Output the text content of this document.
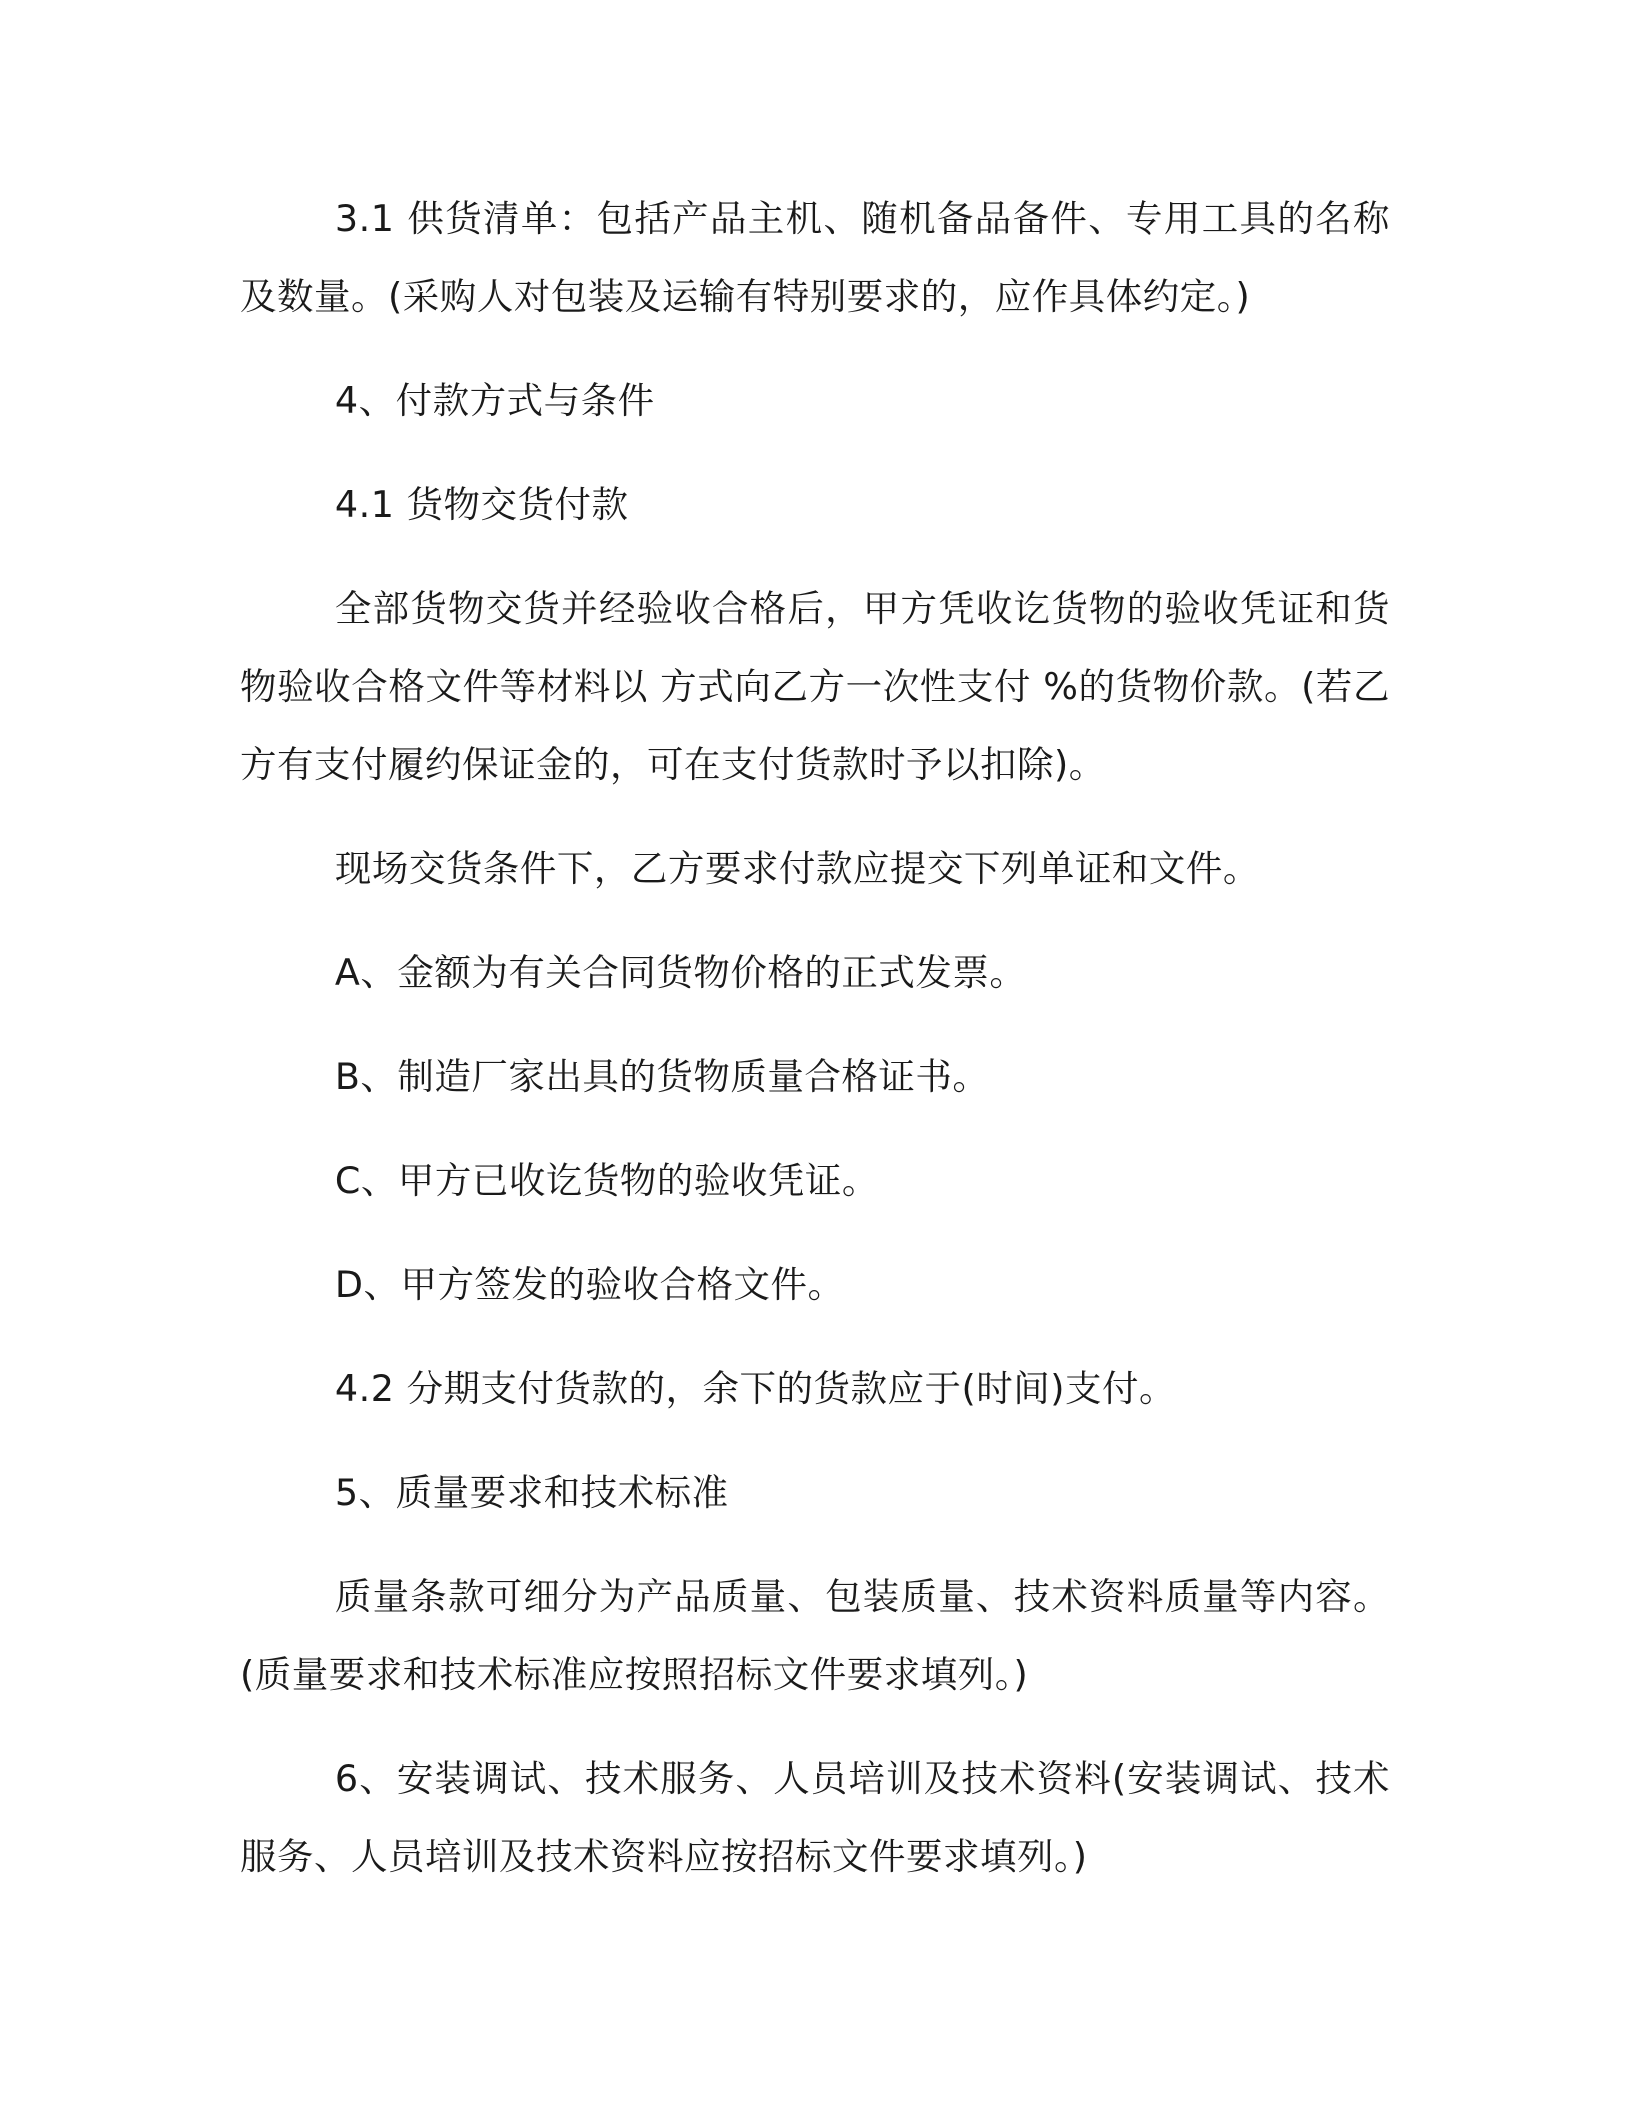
3.1 供货清单：包括产品主机、随机备品备件、专用工具的名称及数量。(采购人对包装及运输有特别要求的，应作具体约定。)

4、付款方式与条件

4.1 货物交货付款

全部货物交货并经验收合格后，甲方凭收讫货物的验收凭证和货物验收合格文件等材料以 方式向乙方一次性支付 %的货物价款。(若乙方有支付履约保证金的，可在支付货款时予以扣除)。

现场交货条件下，乙方要求付款应提交下列单证和文件。

A、金额为有关合同货物价格的正式发票。

B、制造厂家出具的货物质量合格证书。

C、甲方已收讫货物的验收凭证。

D、甲方签发的验收合格文件。

4.2 分期支付货款的，余下的货款应于(时间)支付。

5、质量要求和技术标准

质量条款可细分为产品质量、包装质量、技术资料质量等内容。(质量要求和技术标准应按照招标文件要求填列。)

6、安装调试、技术服务、人员培训及技术资料(安装调试、技术服务、人员培训及技术资料应按招标文件要求填列。)
